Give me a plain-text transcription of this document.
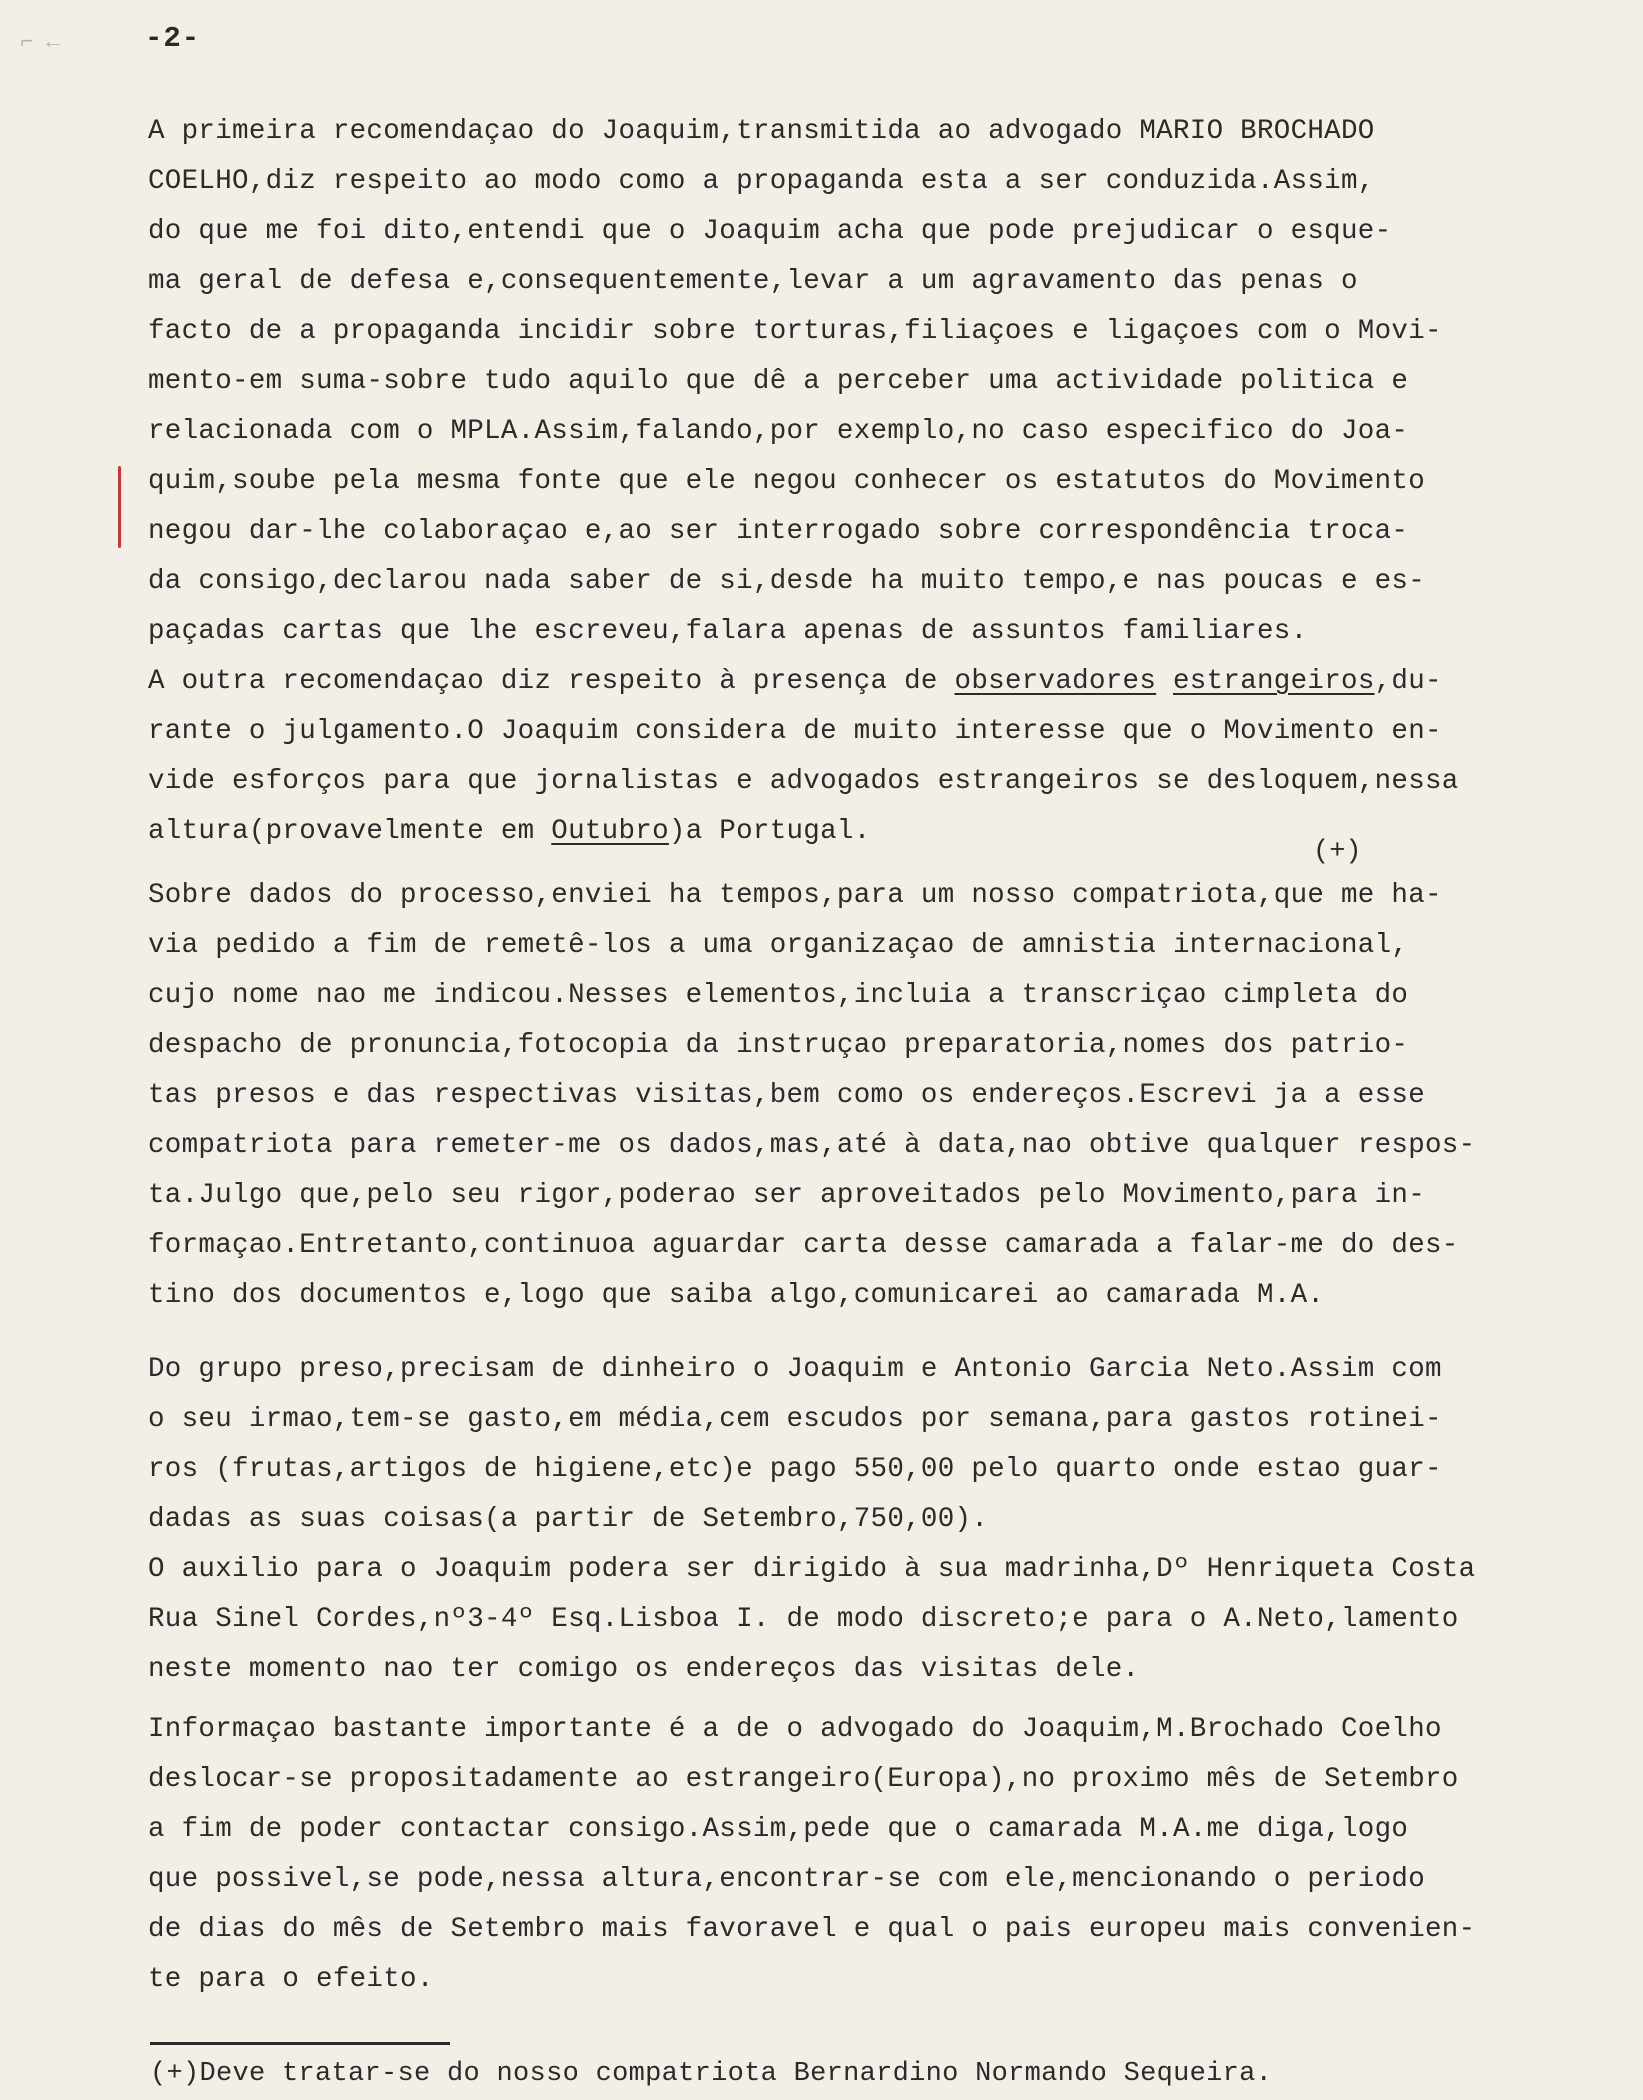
⌐ ←	-2-
A primeira recomendaçao do Joaquim,transmitida ao advogado MARIO BROCHADO
COELHO,diz respeito ao modo como a propaganda esta a ser conduzida.Assim,
do que me foi dito,entendi que o Joaquim acha que pode prejudicar o esque-
ma geral de defesa e,consequentemente,levar a um agravamento das penas o
facto de a propaganda incidir sobre torturas,filiaçoes e ligaçoes com o Movi-
mento-em suma-sobre tudo aquilo que dê a perceber uma actividade politica e
relacionada com o MPLA.Assim,falando,por exemplo,no caso especifico do Joa-
quim,soube pela mesma fonte que ele negou conhecer os estatutos do Movimento
negou dar-lhe colaboraçao e,ao ser interrogado sobre correspondência troca-
da consigo,declarou nada saber de si,desde ha muito tempo,e nas poucas e es-
paçadas cartas que lhe escreveu,falara apenas de assuntos familiares.
A outra recomendaçao diz respeito à presença de observadores estrangeiros,du-
rante o julgamento.O Joaquim considera de muito interesse que o Movimento en-
vide esforços para que jornalistas e advogados estrangeiros se desloquem,nessa
altura(provavelmente em Outubro)a Portugal.
(+)
Sobre dados do processo,enviei ha tempos,para um nosso compatriota,que me ha-
via pedido a fim de remetê-los a uma organizaçao de amnistia internacional,
cujo nome nao me indicou.Nesses elementos,incluia a transcriçao cimpleta do
despacho de pronuncia,fotocopia da instruçao preparatoria,nomes dos patrio-
tas presos e das respectivas visitas,bem como os endereços.Escrevi ja a esse
compatriota para remeter-me os dados,mas,até à data,nao obtive qualquer respos-
ta.Julgo que,pelo seu rigor,poderao ser aproveitados pelo Movimento,para in-
formaçao.Entretanto,continuoa aguardar carta desse camarada a falar-me do des-
tino dos documentos e,logo que saiba algo,comunicarei ao camarada M.A.
Do grupo preso,precisam de dinheiro o Joaquim e Antonio Garcia Neto.Assim com
o seu irmao,tem-se gasto,em média,cem escudos por semana,para gastos rotinei-
ros (frutas,artigos de higiene,etc)e pago 550,00 pelo quarto onde estao guar-
dadas as suas coisas(a partir de Setembro,750,00).
O auxilio para o Joaquim podera ser dirigido à sua madrinha,Dº Henriqueta Costa
Rua Sinel Cordes,nº3-4º Esq.Lisboa I. de modo discreto;e para o A.Neto,lamento
neste momento nao ter comigo os endereços das visitas dele.
Informaçao bastante importante é a de o advogado do Joaquim,M.Brochado Coelho
deslocar-se propositadamente ao estrangeiro(Europa),no proximo mês de Setembro
a fim de poder contactar consigo.Assim,pede que o camarada M.A.me diga,logo
que possivel,se pode,nessa altura,encontrar-se com ele,mencionando o periodo
de dias do mês de Setembro mais favoravel e qual o pais europeu mais convenien-
te para o efeito.
(+)Deve tratar-se do nosso compatriota Bernardino Normando Sequeira.
